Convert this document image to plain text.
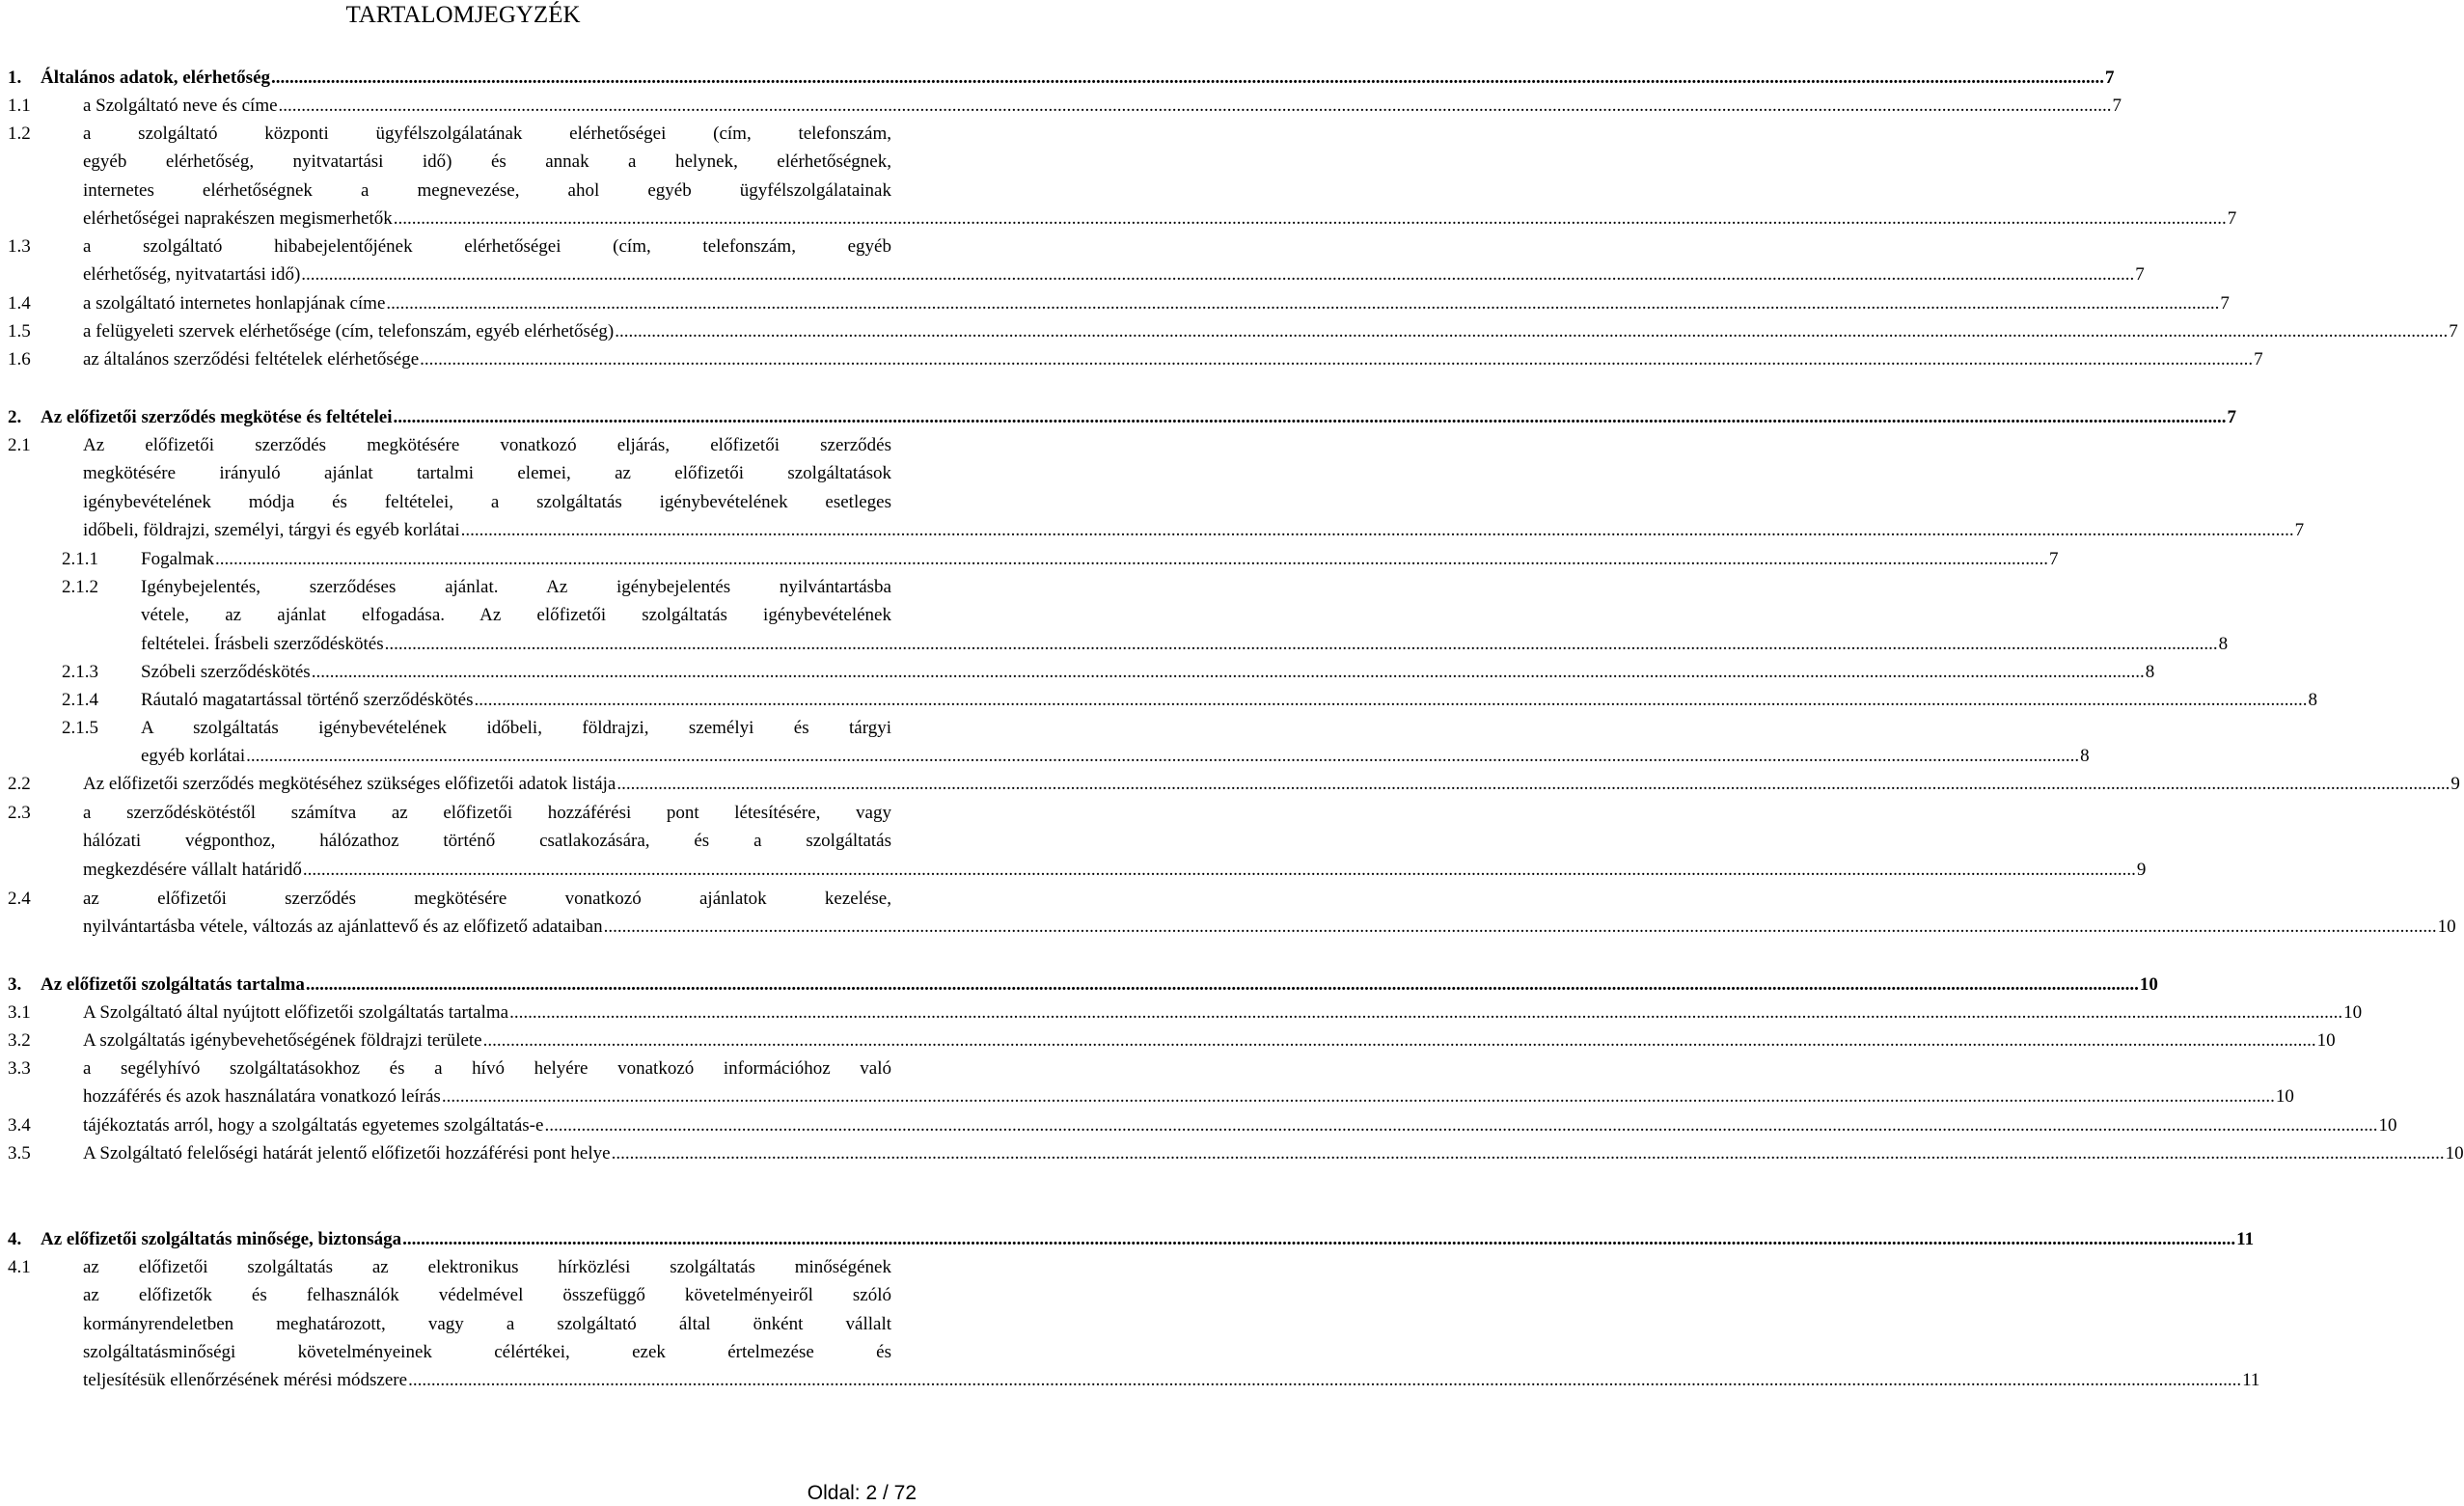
TARTALOMJEGYZÉK
1. Általános adatok, elérhetőség ................................................................................................................................................................................................................................................................................................................................................................................................................ 7
1.1	a Szolgáltató neve és címe ................................................................................................................................................................................................................................................................................................................................................................................................................ 7
1.2	a szolgáltató központi ügyfélszolgálatának elérhetőségei (cím, telefonszám,
egyéb elérhetőség, nyitvatartási idő) és annak a helynek, elérhetőségnek,
internetes elérhetőségnek a megnevezése, ahol egyéb ügyfélszolgálatainak
elérhetőségei naprakészen megismerhetők ................................................................................................................................................................................................................................................................................................................................................................................................................ 7
1.3	a szolgáltató hibabejelentőjének elérhetőségei (cím, telefonszám, egyéb
elérhetőség, nyitvatartási idő) ................................................................................................................................................................................................................................................................................................................................................................................................................ 7
1.4	a szolgáltató internetes honlapjának címe ................................................................................................................................................................................................................................................................................................................................................................................................................ 7
1.5	a felügyeleti szervek elérhetősége (cím, telefonszám, egyéb elérhetőség) ................................................................................................................................................................................................................................................................................................................................................................................................................ 7
1.6	az általános szerződési feltételek elérhetősége ................................................................................................................................................................................................................................................................................................................................................................................................................ 7
2. Az előfizetői szerződés megkötése és feltételei ................................................................................................................................................................................................................................................................................................................................................................................................................ 7
2.1	Az előfizetői szerződés megkötésére vonatkozó eljárás, előfizetői szerződés
megkötésére irányuló ajánlat tartalmi elemei, az előfizetői szolgáltatások
igénybevételének módja és feltételei, a szolgáltatás igénybevételének esetleges
időbeli, földrajzi, személyi, tárgyi és egyéb korlátai ................................................................................................................................................................................................................................................................................................................................................................................................................ 7
2.1.1 Fogalmak ................................................................................................................................................................................................................................................................................................................................................................................................................ 7
2.1.2 Igénybejelentés, szerződéses ajánlat. Az igénybejelentés nyilvántartásba
vétele, az ajánlat elfogadása. Az előfizetői szolgáltatás igénybevételének
feltételei. Írásbeli szerződéskötés ................................................................................................................................................................................................................................................................................................................................................................................................................ 8
2.1.3 Szóbeli szerződéskötés ................................................................................................................................................................................................................................................................................................................................................................................................................ 8
2.1.4 Ráutaló magatartással történő szerződéskötés ................................................................................................................................................................................................................................................................................................................................................................................................................ 8
2.1.5 A szolgáltatás igénybevételének időbeli, földrajzi, személyi és tárgyi
egyéb korlátai ................................................................................................................................................................................................................................................................................................................................................................................................................ 8
2.2	Az előfizetői szerződés megkötéséhez szükséges előfizetői adatok listája ................................................................................................................................................................................................................................................................................................................................................................................................................ 9
2.3	a szerződéskötéstől számítva az előfizetői hozzáférési pont létesítésére, vagy
hálózati végponthoz, hálózathoz történő csatlakozására, és a szolgáltatás
megkezdésére vállalt határidő ................................................................................................................................................................................................................................................................................................................................................................................................................ 9
2.4	az előfizetői szerződés megkötésére vonatkozó ajánlatok kezelése,
nyilvántartásba vétele, változás az ajánlattevő és az előfizető adataiban ................................................................................................................................................................................................................................................................................................................................................................................................................ 10
3. Az előfizetői szolgáltatás tartalma ................................................................................................................................................................................................................................................................................................................................................................................................................ 10
3.1	A Szolgáltató által nyújtott előfizetői szolgáltatás tartalma ................................................................................................................................................................................................................................................................................................................................................................................................................ 10
3.2	A szolgáltatás igénybevehetőségének földrajzi területe ................................................................................................................................................................................................................................................................................................................................................................................................................ 10
3.3	a segélyhívó szolgáltatásokhoz és a hívó helyére vonatkozó információhoz való
hozzáférés és azok használatára vonatkozó leírás ................................................................................................................................................................................................................................................................................................................................................................................................................ 10
3.4	tájékoztatás arról, hogy a szolgáltatás egyetemes szolgáltatás-e ................................................................................................................................................................................................................................................................................................................................................................................................................ 10
3.5	A Szolgáltató felelőségi határát jelentő előfizetői hozzáférési pont helye ................................................................................................................................................................................................................................................................................................................................................................................................................ 10
4. Az előfizetői szolgáltatás minősége, biztonsága ................................................................................................................................................................................................................................................................................................................................................................................................................ 11
4.1	az előfizetői szolgáltatás az elektronikus hírközlési szolgáltatás minőségének
az előfizetők és felhasználók védelmével összefüggő követelményeiről szóló
kormányrendeletben meghatározott, vagy a szolgáltató által önként vállalt
szolgáltatásminőségi követelményeinek célértékei, ezek értelmezése és
teljesítésük ellenőrzésének mérési módszere ................................................................................................................................................................................................................................................................................................................................................................................................................ 11
Oldal: 2 / 72
